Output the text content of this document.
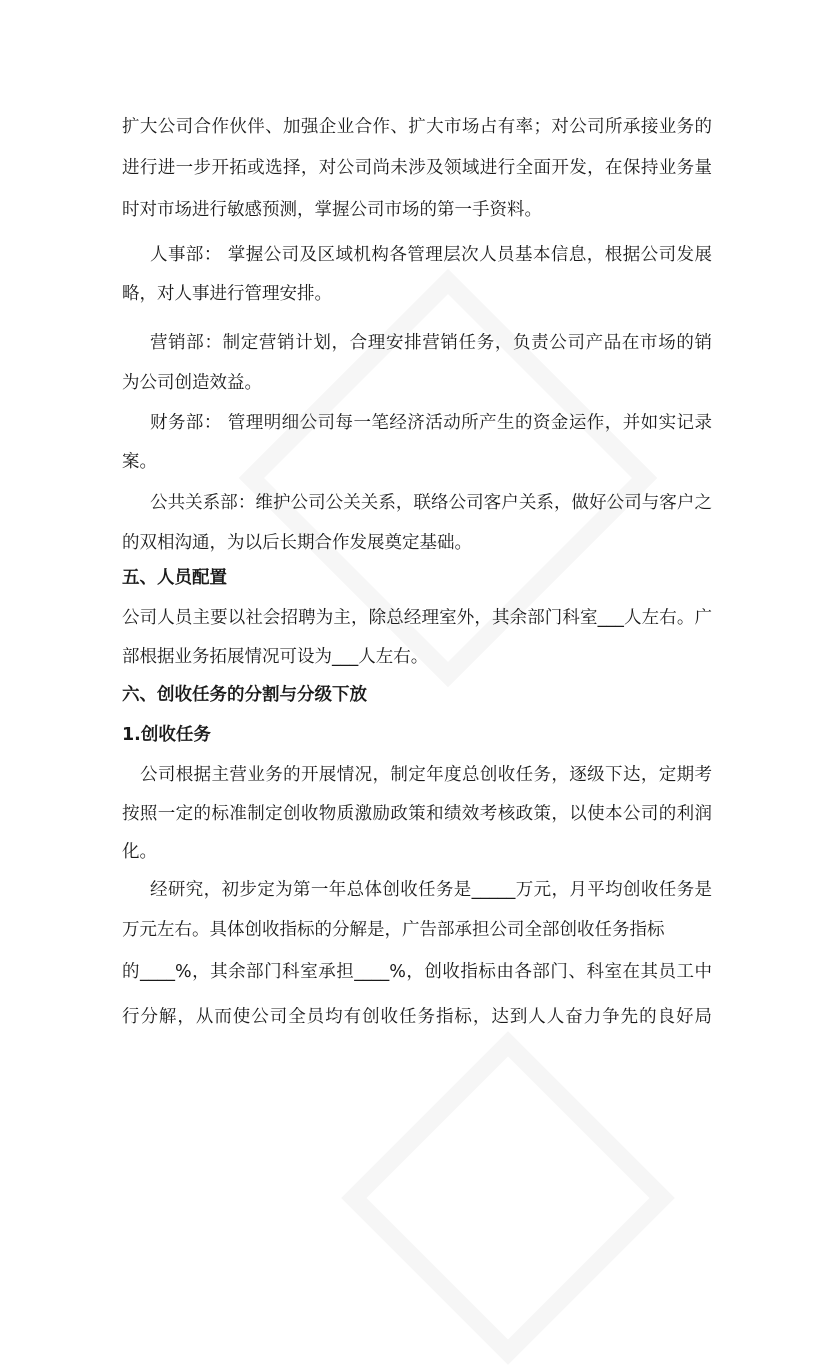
扩大公司合作伙伴、加强企业合作、扩大市场占有率；对公司所承接业务的
进行进一步开拓或选择，对公司尚未涉及领域进行全面开发，在保持业务量
时对市场进行敏感预测，掌握公司市场的第一手资料。
人事部： 掌握公司及区域机构各管理层次人员基本信息，根据公司发展
略，对人事进行管理安排。
营销部：制定营销计划，合理安排营销任务，负责公司产品在市场的销
为公司创造效益。
财务部： 管理明细公司每一笔经济活动所产生的资金运作，并如实记录
案。
公共关系部：维护公司公关关系，联络公司客户关系，做好公司与客户之
的双相沟通，为以后长期合作发展奠定基础。
五、人员配置
公司人员主要以社会招聘为主，除总经理室外，其余部门科室___人左右。广
部根据业务拓展情况可设为___人左右。
六、创收任务的分割与分级下放
1.创收任务
公司根据主营业务的开展情况，制定年度总创收任务，逐级下达，定期考
按照一定的标准制定创收物质激励政策和绩效考核政策，以使本公司的利润
化。
经研究，初步定为第一年总体创收任务是_____万元，月平均创收任务是
万元左右。具体创收指标的分解是，广告部承担公司全部创收任务指标
的____%，其余部门科室承担____%，创收指标由各部门、科室在其员工中
行分解，从而使公司全员均有创收任务指标，达到人人奋力争先的良好局
